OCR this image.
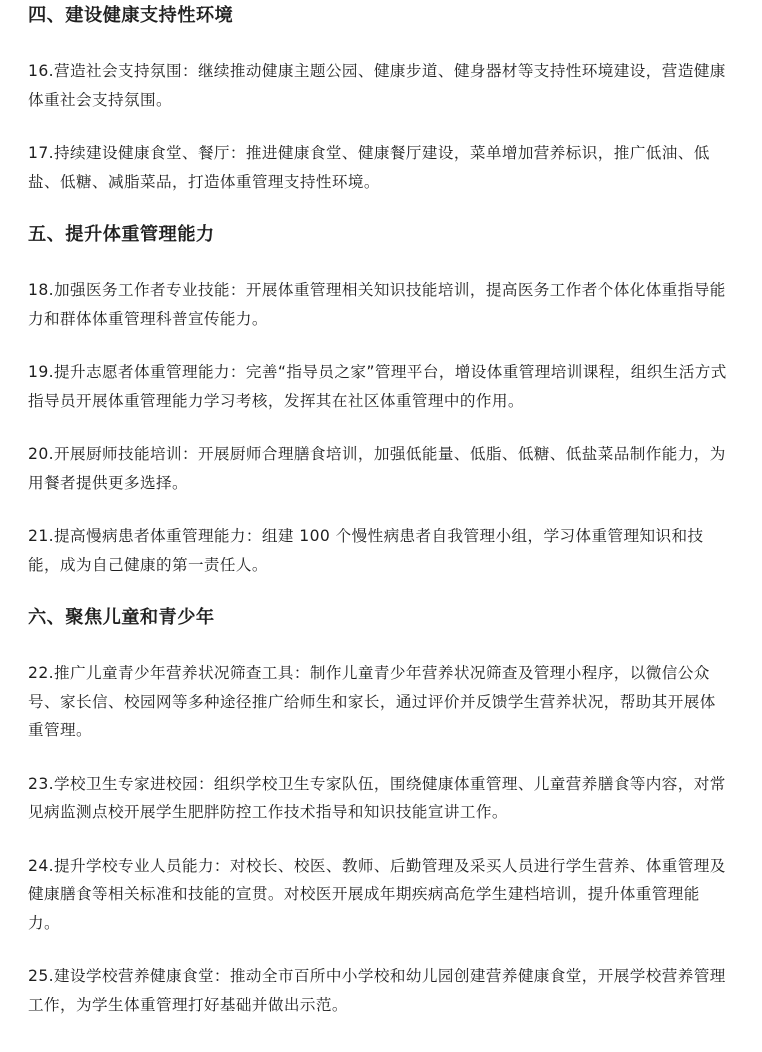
四、建设健康支持性环境

16.营造社会支持氛围：继续推动健康主题公园、健康步道、健身器材等支持性环境建设，营造健康体重社会支持氛围。

17.持续建设健康食堂、餐厅：推进健康食堂、健康餐厅建设，菜单增加营养标识，推广低油、低盐、低糖、减脂菜品，打造体重管理支持性环境。

五、提升体重管理能力

18.加强医务工作者专业技能：开展体重管理相关知识技能培训，提高医务工作者个体化体重指导能力和群体体重管理科普宣传能力。

19.提升志愿者体重管理能力：完善“指导员之家”管理平台，增设体重管理培训课程，组织生活方式指导员开展体重管理能力学习考核，发挥其在社区体重管理中的作用。

20.开展厨师技能培训：开展厨师合理膳食培训，加强低能量、低脂、低糖、低盐菜品制作能力，为用餐者提供更多选择。

21.提高慢病患者体重管理能力：组建 100 个慢性病患者自我管理小组，学习体重管理知识和技能，成为自己健康的第一责任人。

六、聚焦儿童和青少年

22.推广儿童青少年营养状况筛查工具：制作儿童青少年营养状况筛查及管理小程序，以微信公众号、家长信、校园网等多种途径推广给师生和家长，通过评价并反馈学生营养状况，帮助其开展体重管理。

23.学校卫生专家进校园：组织学校卫生专家队伍，围绕健康体重管理、儿童营养膳食等内容，对常见病监测点校开展学生肥胖防控工作技术指导和知识技能宣讲工作。

24.提升学校专业人员能力：对校长、校医、教师、后勤管理及采买人员进行学生营养、体重管理及健康膳食等相关标准和技能的宣贯。对校医开展成年期疾病高危学生建档培训，提升体重管理能力。

25.建设学校营养健康食堂：推动全市百所中小学校和幼儿园创建营养健康食堂，开展学校营养管理工作，为学生体重管理打好基础并做出示范。
